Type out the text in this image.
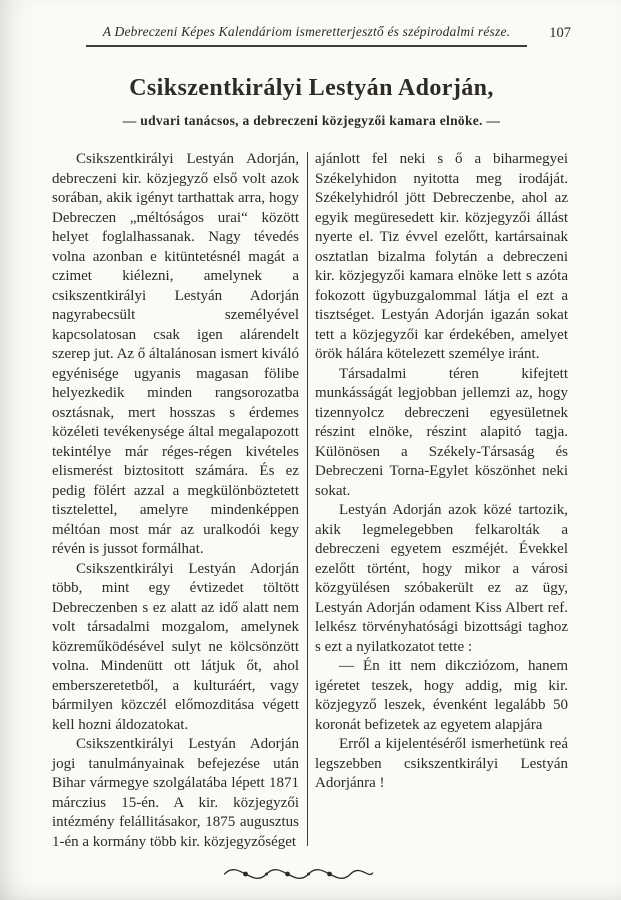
A Debreczeni Képes Kalendáriom ismeretterjesztő és szépirodalmi része.	107
Csikszentkirályi Lestyán Adorján,
— udvari tanácsos, a debreczeni közjegyzői kamara elnöke. —

Csikszentkirályi Lestyán Adorján, debreczeni kir. közjegyző első volt azok sorában, akik igényt tarthattak arra, hogy Debreczen „méltóságos urai“ között helyet foglalhassanak. Nagy tévedés volna azonban e kitüntetésnél magát a czimet kiélezni, amelynek a csikszentkirályi Lestyán Adorján nagyrabecsült személyével kapcsolatosan csak igen alárendelt szerep jut. Az ő általánosan ismert kiváló egyénisége ugyanis magasan fölibe helyezkedik minden rangsorozatba osztásnak, mert hosszas s érdemes közéleti tevékenysége által megalapozott tekintélye már réges-régen kivételes elismerést biztositott számára. És ez pedig fölért azzal a megkülönböztetett tisztelettel, amelyre mindenképpen méltóan most már az uralkodói kegy révén is jussot formálhat.

Csikszentkirályi Lestyán Adorján több, mint egy évtizedet töltött Debreczenben s ez alatt az idő alatt nem volt társadalmi mozgalom, amelynek közreműködésével sulyt ne kölcsönzött volna. Mindenütt ott látjuk őt, ahol emberszeretetből, a kulturáért, vagy bármilyen közczél előmozditása végett kell hozni áldozatokat.

Csikszentkirályi Lestyán Adorján jogi tanulmányainak befejezése után Bihar vármegye szolgálatába lépett 1871 márczius 15-én. A kir. közjegyzői intézmény felállitásakor, 1875 augusztus 1-én a kormány több kir. közjegyzőséget

ajánlott fel neki s ő a biharmegyei Székelyhidon nyitotta meg irodáját. Székelyhidról jött Debreczenbe, ahol az egyik megüresedett kir. közjegyzői állást nyerte el. Tiz évvel ezelőtt, kartársainak osztatlan bizalma folytán a debreczeni kir. közjegyzői kamara elnöke lett s azóta fokozott ügybuzgalommal látja el ezt a tisztséget. Lestyán Adorján igazán sokat tett a közjegyzői kar érdekében, amelyet örök hálára kötelezett személye iránt.

Társadalmi téren kifejtett munkásságát legjobban jellemzi az, hogy tizennyolcz debreczeni egyesületnek részint elnöke, részint alapitó tagja. Különösen a Székely-Társaság és Debreczeni Torna-Egylet köszönhet neki sokat.

Lestyán Adorján azok közé tartozik, akik legmelegebben felkarolták a debreczeni egyetem eszméjét. Évekkel ezelőtt történt, hogy mikor a városi közgyülésen szóbakerült ez az ügy, Lestyán Adorján odament Kiss Albert ref. lelkész törvényhatósági bizottsági taghoz s ezt a nyilatkozatot tette :

— Én itt nem dikcziózom, hanem igéretet teszek, hogy addig, mig kir. közjegyző leszek, évenként legalább 50 koronát befizetek az egyetem alapjára

Erről a kijelentéséről ismerhetünk reá legszebben csikszentkirályi Lestyán Adorjánra !
